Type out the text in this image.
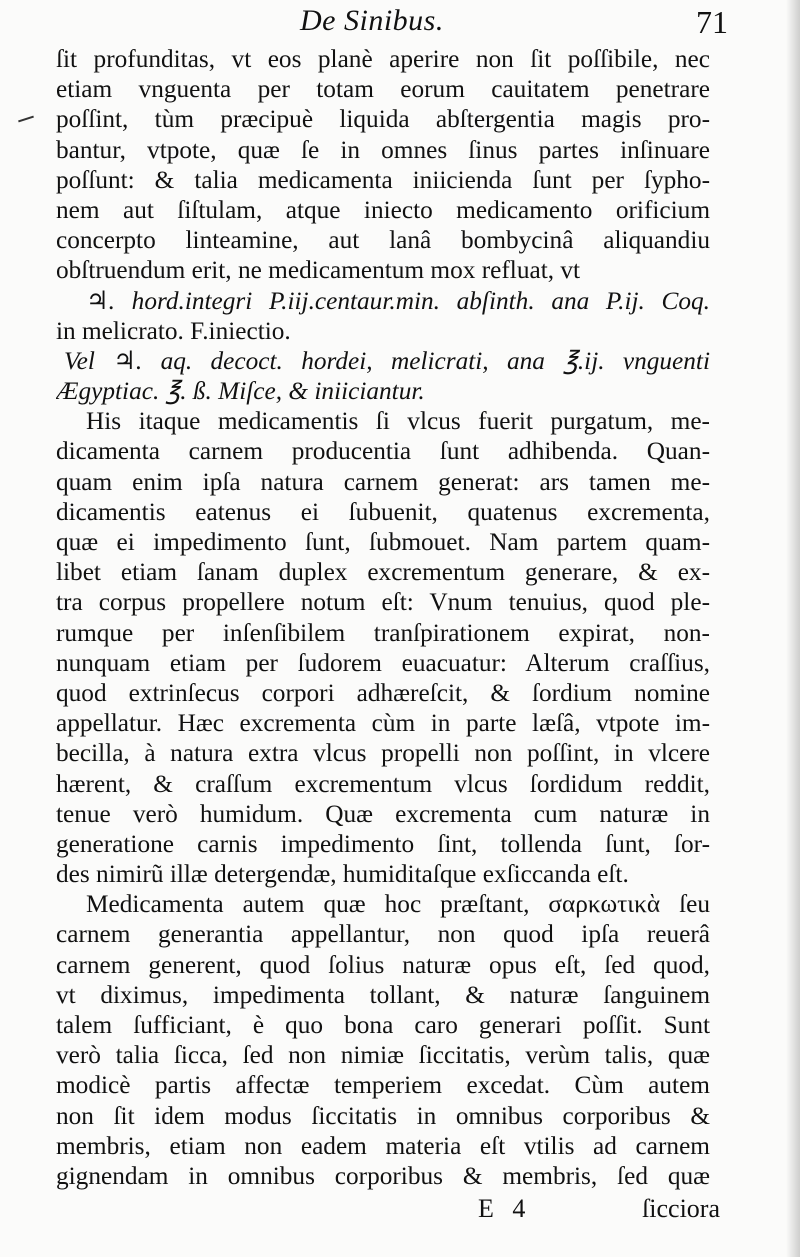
De Sinibus.	71
ſit profunditas, vt eos planè aperire non ſit poſſibile, nec
etiam vnguenta per totam eorum cauitatem penetrare
poſſint, tùm præcipuè liquida abſtergentia magis pro-
bantur, vtpote, quæ ſe in omnes ſinus partes inſinuare
poſſunt: & talia medicamenta iniicienda ſunt per ſypho-
nem aut ſiſtulam, atque iniecto medicamento orificium
concerpto linteamine, aut lanâ bombycinâ aliquandiu
obſtruendum erit, ne medicamentum mox refluat, vt
♃. hord.integri P.iij.centaur.min. abſinth. ana P.ij. Coq.
in melicrato. F.iniectio.
Vel ♃. aq. decoct. hordei, melicrati, ana ℥.ij. vnguenti
Ægyptiac. ℥. ß. Miſce, & iniiciantur.
His itaque medicamentis ſi vlcus fuerit purgatum, me-
dicamenta carnem producentia ſunt adhibenda. Quan-
quam enim ipſa natura carnem generat: ars tamen me-
dicamentis eatenus ei ſubuenit, quatenus excrementa,
quæ ei impedimento ſunt, ſubmouet. Nam partem quam-
libet etiam ſanam duplex excrementum generare, & ex-
tra corpus propellere notum eſt: Vnum tenuius, quod ple-
rumque per inſenſibilem tranſpirationem expirat, non-
nunquam etiam per ſudorem euacuatur: Alterum craſſius,
quod extrinſecus corpori adhæreſcit, & ſordium nomine
appellatur. Hæc excrementa cùm in parte læſâ, vtpote im-
becilla, à natura extra vlcus propelli non poſſint, in vlcere
hærent, & craſſum excrementum vlcus ſordidum reddit,
tenue verò humidum. Quæ excrementa cum naturæ in
generatione carnis impedimento ſint, tollenda ſunt, ſor-
des nimirũ illæ detergendæ, humiditaſque exſiccanda eſt.
Medicamenta autem quæ hoc præſtant, σαρκωτικὰ ſeu
carnem generantia appellantur, non quod ipſa reuerâ
carnem generent, quod ſolius naturæ opus eſt, ſed quod,
vt diximus, impedimenta tollant, & naturæ ſanguinem
talem ſufficiant, è quo bona caro generari poſſit. Sunt
verò talia ſicca, ſed non nimiæ ſiccitatis, verùm talis, quæ
modicè partis affectæ temperiem excedat. Cùm autem
non ſit idem modus ſiccitatis in omnibus corporibus &
membris, etiam non eadem materia eſt vtilis ad carnem
gignendam in omnibus corporibus & membris, ſed quæ
E 4	ſicciora
